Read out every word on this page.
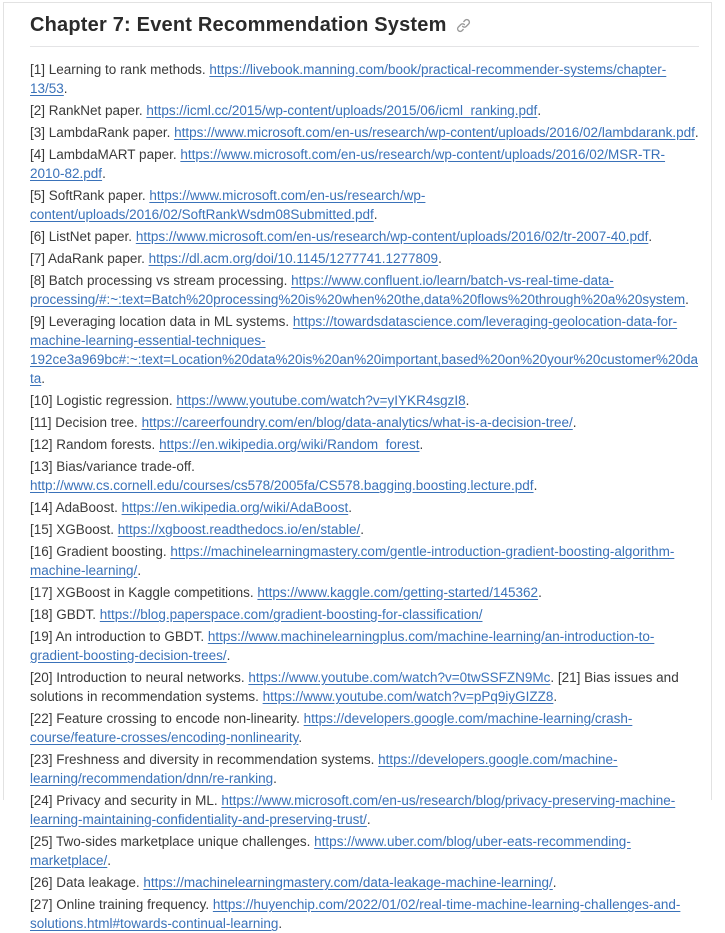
Chapter 7: Event Recommendation System

[1] Learning to rank methods. https://livebook.manning.com/book/practical-recommender-systems/chapter-13/53.

[2] RankNet paper. https://icml.cc/2015/wp-content/uploads/2015/06/icml_ranking.pdf.

[3] LambdaRank paper. https://www.microsoft.com/en-us/research/wp-content/uploads/2016/02/lambdarank.pdf.

[4] LambdaMART paper. https://www.microsoft.com/en-us/research/wp-content/uploads/2016/02/MSR-TR-2010-82.pdf.

[5] SoftRank paper. https://www.microsoft.com/en-us/research/wp-content/uploads/2016/02/SoftRankWsdm08Submitted.pdf.

[6] ListNet paper. https://www.microsoft.com/en-us/research/wp-content/uploads/2016/02/tr-2007-40.pdf.

[7] AdaRank paper. https://dl.acm.org/doi/10.1145/1277741.1277809.

[8] Batch processing vs stream processing. https://www.confluent.io/learn/batch-vs-real-time-data-processing/#:~:text=Batch%20processing%20is%20when%20the,data%20flows%20through%20a%20system.

[9] Leveraging location data in ML systems. https://towardsdatascience.com/leveraging-geolocation-data-for-machine-learning-essential-techniques-192ce3a969bc#:~:text=Location%20data%20is%20an%20important,based%20on%20your%20customer%20data.

[10] Logistic regression. https://www.youtube.com/watch?v=yIYKR4sgzI8.

[11] Decision tree. https://careerfoundry.com/en/blog/data-analytics/what-is-a-decision-tree/.

[12] Random forests. https://en.wikipedia.org/wiki/Random_forest.

[13] Bias/variance trade-off. http://www.cs.cornell.edu/courses/cs578/2005fa/CS578.bagging.boosting.lecture.pdf.

[14] AdaBoost. https://en.wikipedia.org/wiki/AdaBoost.

[15] XGBoost. https://xgboost.readthedocs.io/en/stable/.

[16] Gradient boosting. https://machinelearningmastery.com/gentle-introduction-gradient-boosting-algorithm-machine-learning/.

[17] XGBoost in Kaggle competitions. https://www.kaggle.com/getting-started/145362.

[18] GBDT. https://blog.paperspace.com/gradient-boosting-for-classification/

[19] An introduction to GBDT. https://www.machinelearningplus.com/machine-learning/an-introduction-to-gradient-boosting-decision-trees/.

[20] Introduction to neural networks. https://www.youtube.com/watch?v=0twSSFZN9Mc. [21] Bias issues and solutions in recommendation systems. https://www.youtube.com/watch?v=pPq9iyGIZZ8.

[22] Feature crossing to encode non-linearity. https://developers.google.com/machine-learning/crash-course/feature-crosses/encoding-nonlinearity.

[23] Freshness and diversity in recommendation systems. https://developers.google.com/machine-learning/recommendation/dnn/re-ranking.

[24] Privacy and security in ML. https://www.microsoft.com/en-us/research/blog/privacy-preserving-machine-learning-maintaining-confidentiality-and-preserving-trust/.

[25] Two-sides marketplace unique challenges. https://www.uber.com/blog/uber-eats-recommending-marketplace/.

[26] Data leakage. https://machinelearningmastery.com/data-leakage-machine-learning/.

[27] Online training frequency. https://huyenchip.com/2022/01/02/real-time-machine-learning-challenges-and-solutions.html#towards-continual-learning.
